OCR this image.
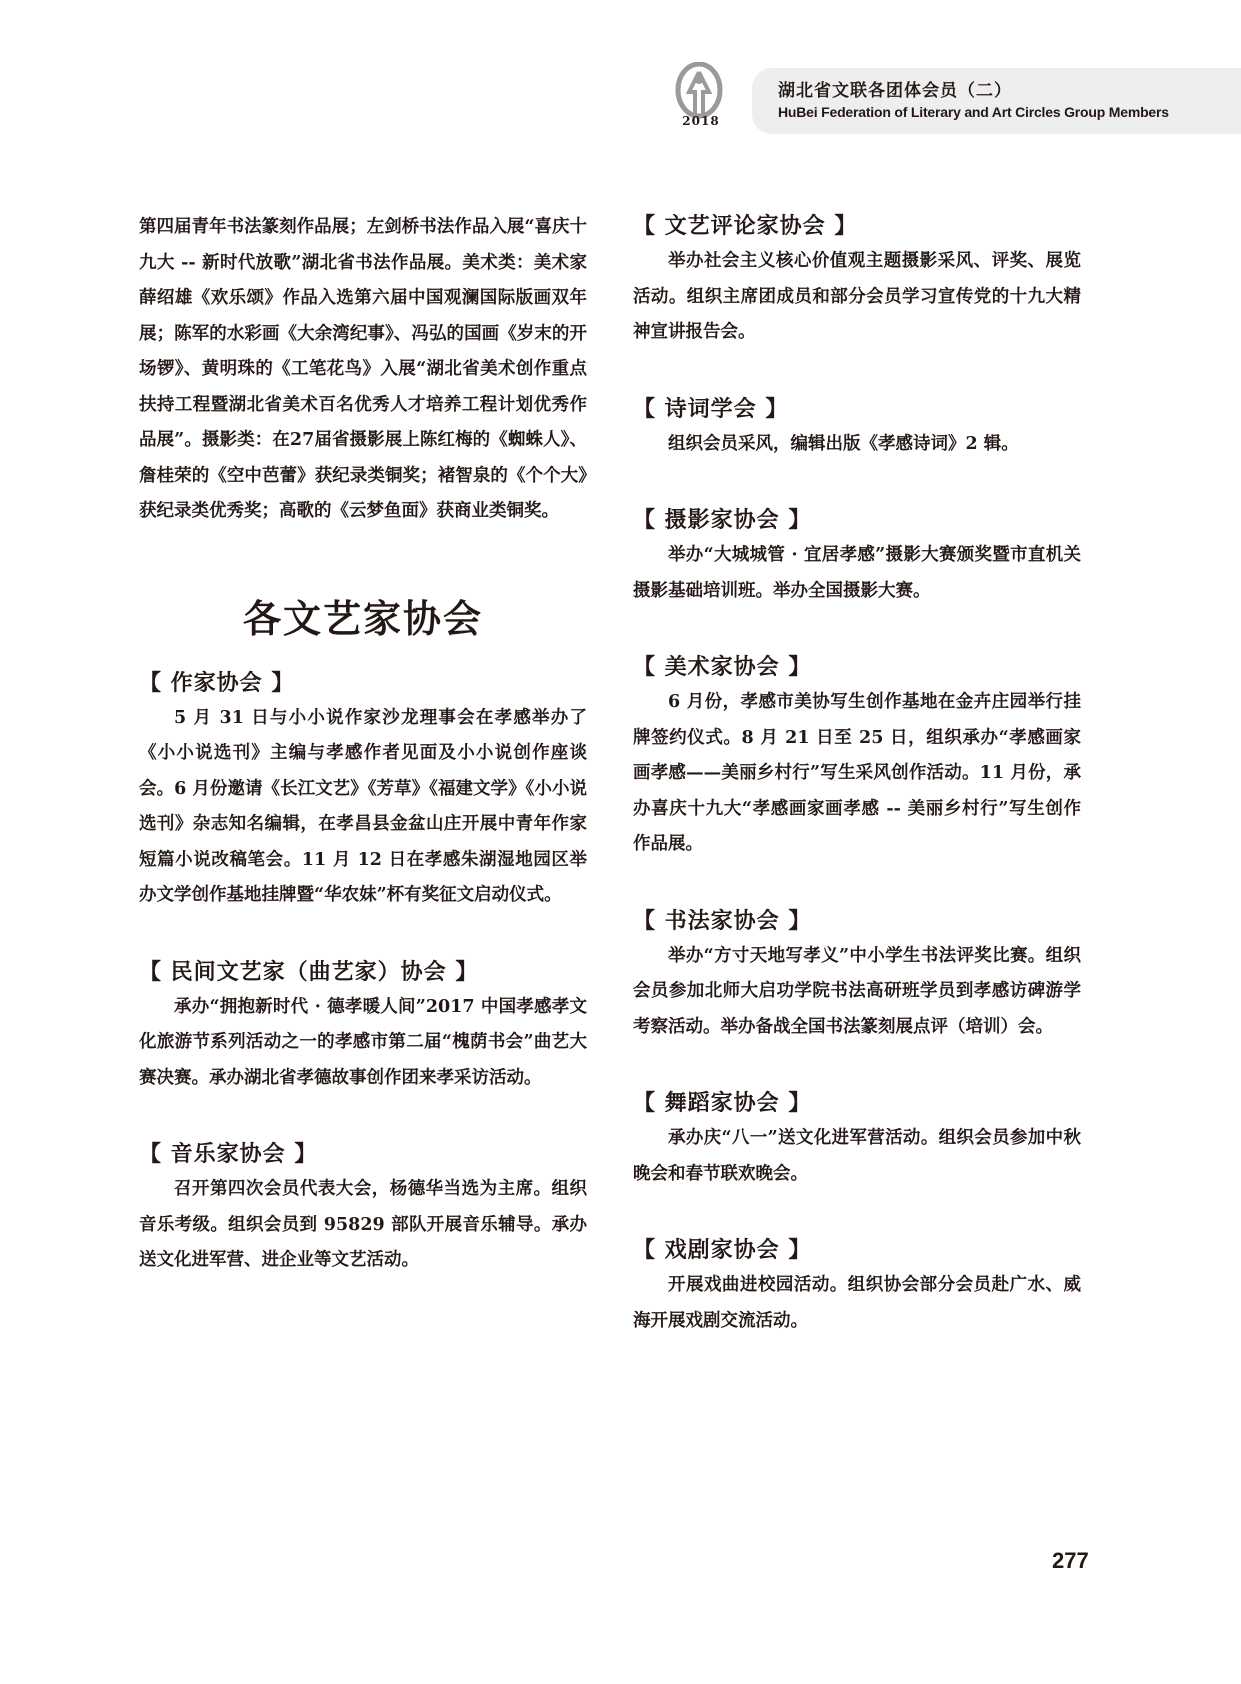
2018
湖北省文联各团体会员（二）
HuBei Federation of Literary and Art Circles Group Members

第四届青年书法篆刻作品展；左剑桥书法作品入展“喜庆十九大 -- 新时代放歌”湖北省书法作品展。美术类：美术家薛绍雄《欢乐颂》作品入选第六届中国观澜国际版画双年展；陈军的水彩画《大余湾纪事》、冯弘的国画《岁末的开场锣》、黄明珠的《工笔花鸟》入展“湖北省美术创作重点扶持工程暨湖北省美术百名优秀人才培养工程计划优秀作品展”。摄影类：在27届省摄影展上陈红梅的《蜘蛛人》、詹桂荣的《空中芭蕾》获纪录类铜奖；褚智泉的《个个大》获纪录类优秀奖；高歌的《云梦鱼面》获商业类铜奖。

各文艺家协会
【 作家协会 】

5 月 31 日与小小说作家沙龙理事会在孝感举办了《小小说选刊》主编与孝感作者见面及小小说创作座谈会。6 月份邀请《长江文艺》《芳草》《福建文学》《小小说选刊》杂志知名编辑，在孝昌县金盆山庄开展中青年作家短篇小说改稿笔会。11 月 12 日在孝感朱湖湿地园区举办文学创作基地挂牌暨“华农妹”杯有奖征文启动仪式。

【 民间文艺家（曲艺家）协会 】

承办“拥抱新时代 · 德孝暖人间”2017 中国孝感孝文化旅游节系列活动之一的孝感市第二届“槐荫书会”曲艺大赛决赛。承办湖北省孝德故事创作团来孝采访活动。

【 音乐家协会 】

召开第四次会员代表大会，杨德华当选为主席。组织音乐考级。组织会员到 95829 部队开展音乐辅导。承办送文化进军营、进企业等文艺活动。

【 文艺评论家协会 】

举办社会主义核心价值观主题摄影采风、评奖、展览活动。组织主席团成员和部分会员学习宣传党的十九大精神宣讲报告会。

【 诗词学会 】

组织会员采风，编辑出版《孝感诗词》2 辑。

【 摄影家协会 】

举办“大城城管 · 宜居孝感”摄影大赛颁奖暨市直机关摄影基础培训班。举办全国摄影大赛。

【 美术家协会 】

6 月份，孝感市美协写生创作基地在金卉庄园举行挂牌签约仪式。8 月 21 日至 25 日，组织承办“孝感画家画孝感——美丽乡村行”写生采风创作活动。11 月份，承办喜庆十九大“孝感画家画孝感 -- 美丽乡村行”写生创作作品展。

【 书法家协会 】

举办“方寸天地写孝义”中小学生书法评奖比赛。组织会员参加北师大启功学院书法高研班学员到孝感访碑游学考察活动。举办备战全国书法篆刻展点评（培训）会。

【 舞蹈家协会 】

承办庆“八一”送文化进军营活动。组织会员参加中秋晚会和春节联欢晚会。

【 戏剧家协会 】

开展戏曲进校园活动。组织协会部分会员赴广水、威海开展戏剧交流活动。

277
